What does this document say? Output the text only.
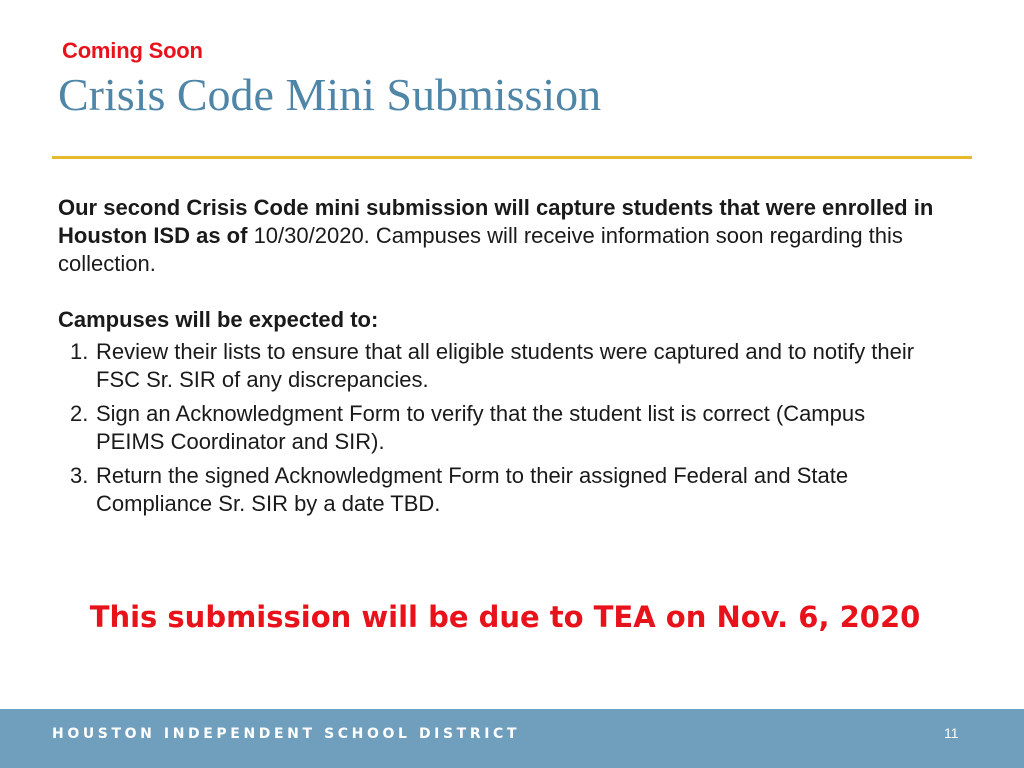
Coming Soon
Crisis Code Mini Submission

Our second Crisis Code mini submission will capture students that were enrolled in Houston ISD as of 10/30/2020. Campuses will receive information soon regarding this collection.

Campuses will be expected to:
1. Review their lists to ensure that all eligible students were captured and to notify their FSC Sr. SIR of any discrepancies.
2. Sign an Acknowledgment Form to verify that the student list is correct (Campus PEIMS Coordinator and SIR).
3. Return the signed Acknowledgment Form to their assigned Federal and State Compliance Sr. SIR by a date TBD.
This submission will be due to TEA on Nov. 6, 2020
HOUSTON INDEPENDENT SCHOOL DISTRICT	11
